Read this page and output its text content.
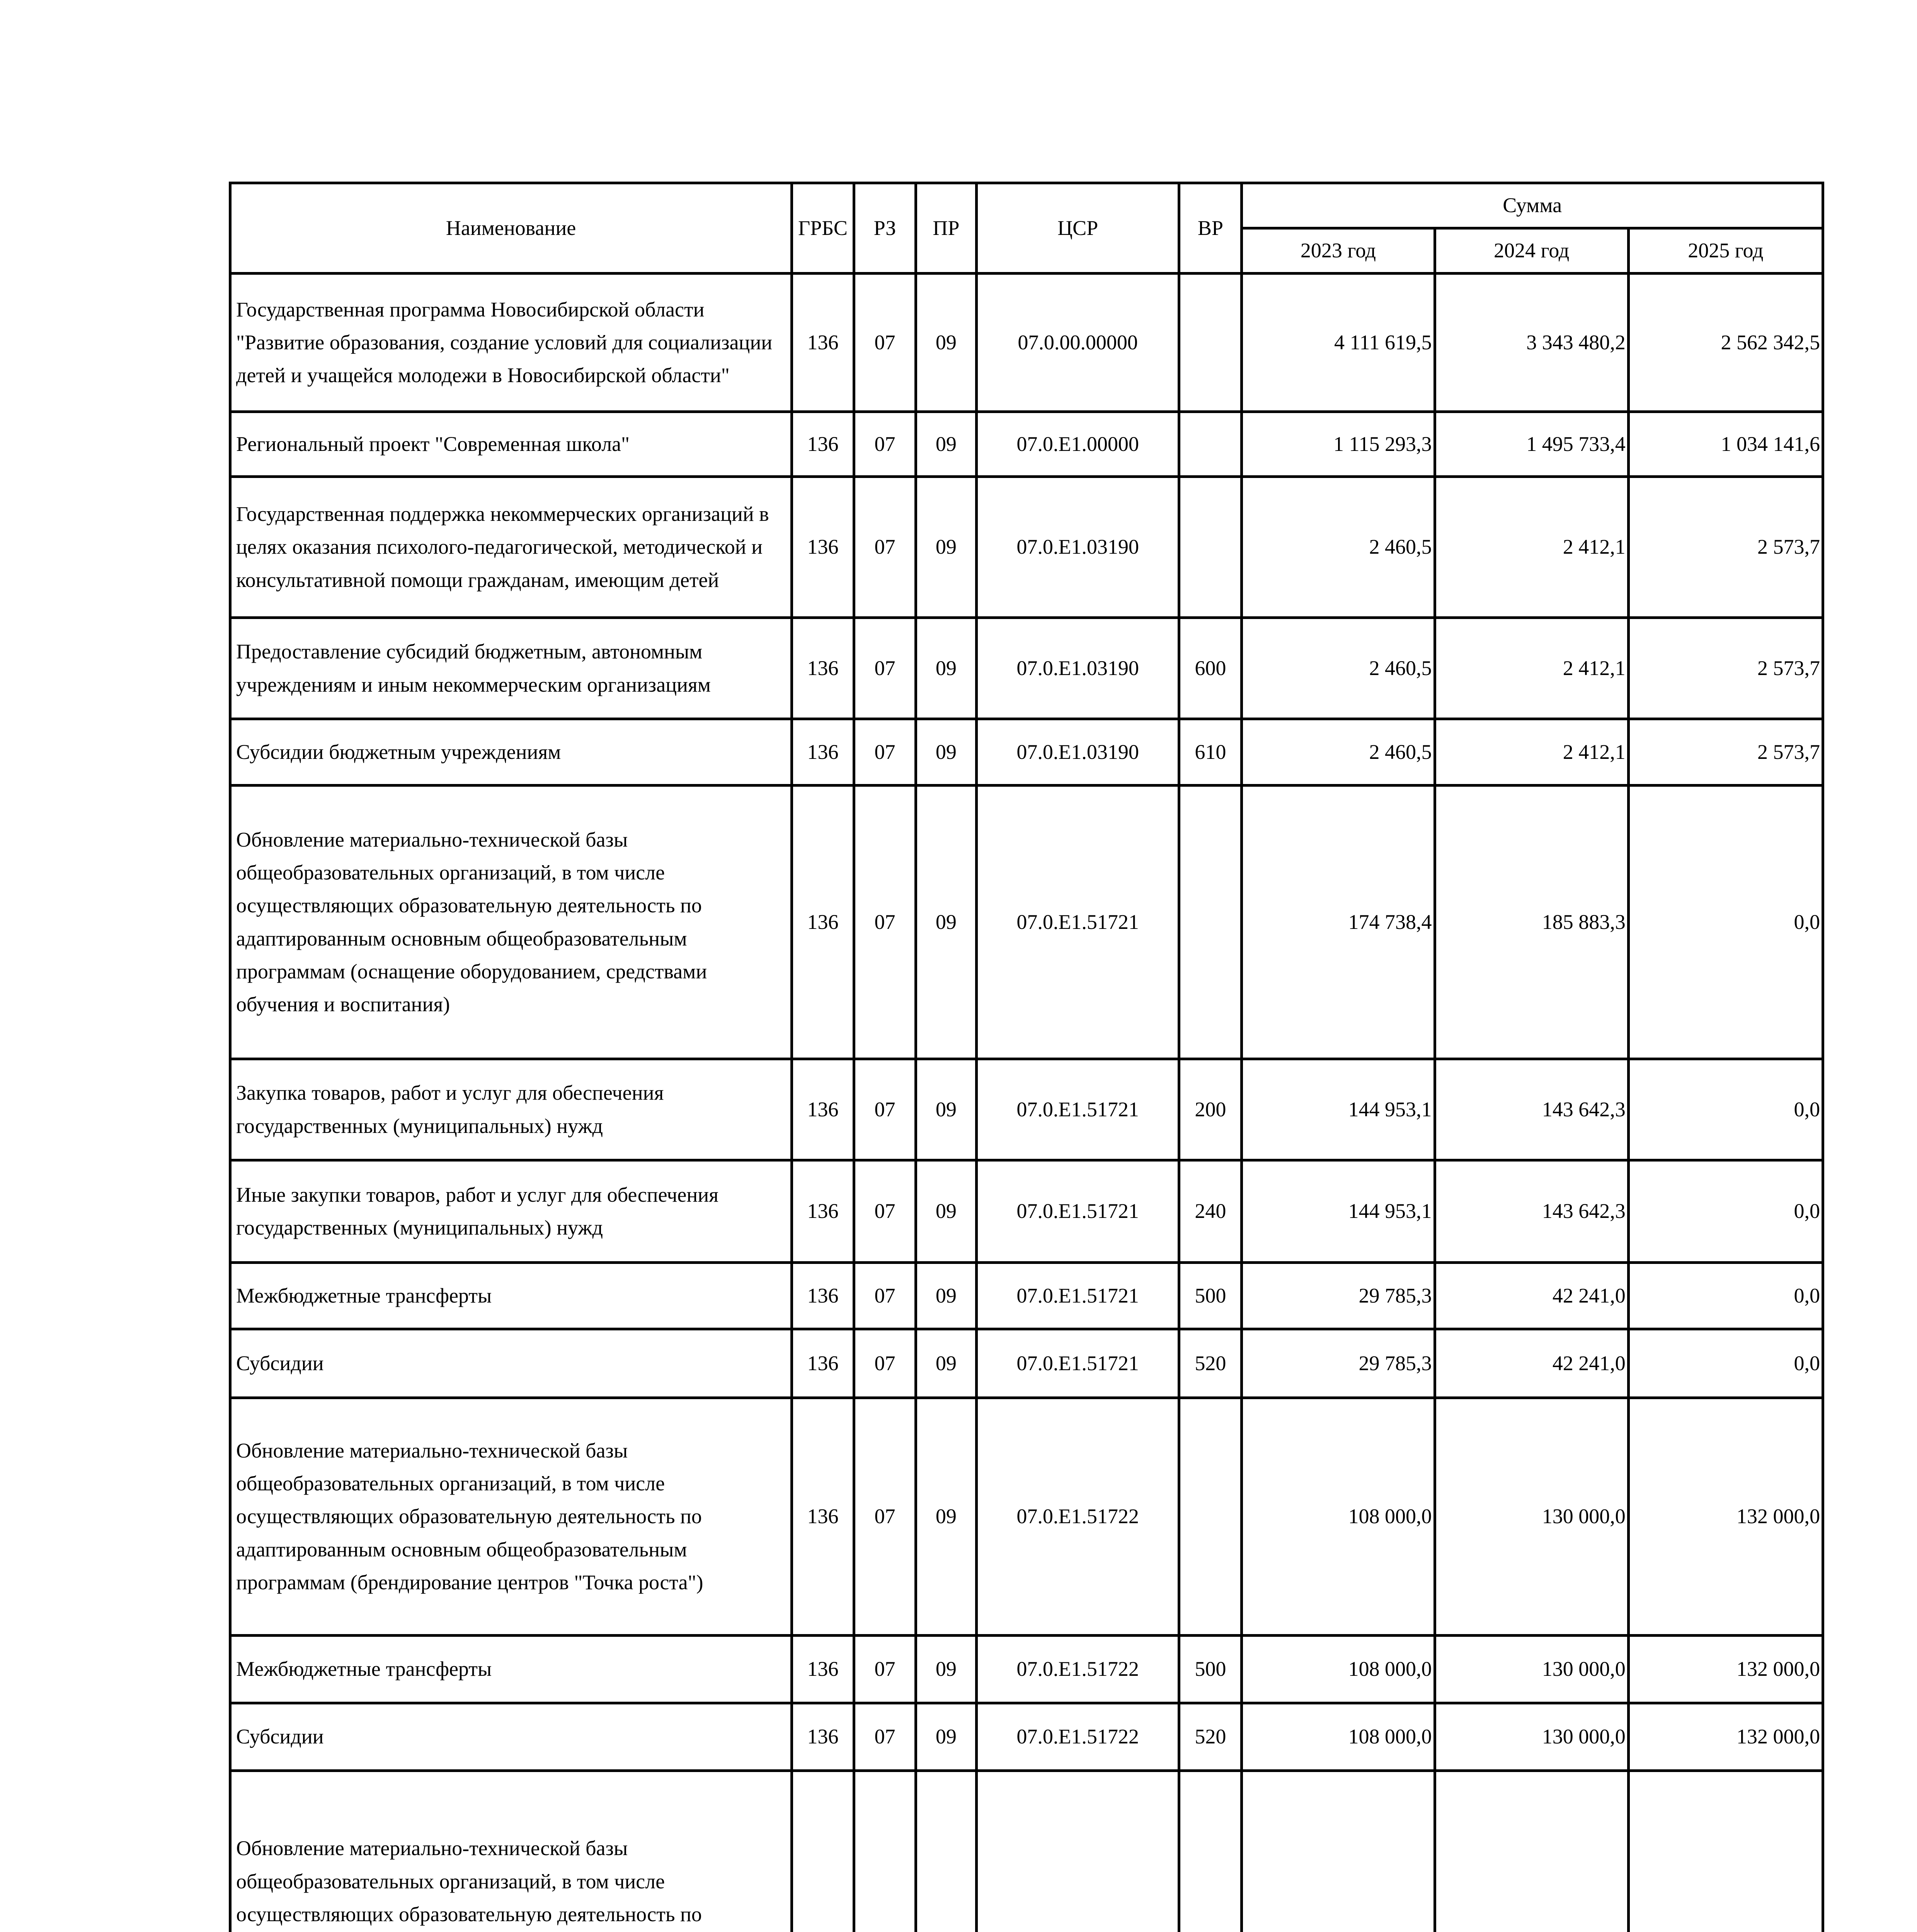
Наименование	ГРБС	РЗ	ПР	ЦСР	ВР	Сумма		
						2023 год	2024 год	2025 год
Государственная программа Новосибирской области "Развитие образования, создание условий для социализации детей и учащейся молодежи в Новосибирской области"	136	07	09	07.0.00.00000		4 111 619,5	3 343 480,2	2 562 342,5
Региональный проект "Современная школа"	136	07	09	07.0.E1.00000		1 115 293,3	1 495 733,4	1 034 141,6
Государственная поддержка некоммерческих организаций в целях оказания психолого-педагогической, методической и консультативной помощи гражданам, имеющим детей	136	07	09	07.0.E1.03190		2 460,5	2 412,1	2 573,7
Предоставление субсидий бюджетным, автономным учреждениям и иным некоммерческим организациям	136	07	09	07.0.E1.03190	600	2 460,5	2 412,1	2 573,7
Субсидии бюджетным учреждениям	136	07	09	07.0.E1.03190	610	2 460,5	2 412,1	2 573,7
Обновление материально-технической базы общеобразовательных организаций, в том числе осуществляющих образовательную деятельность по адаптированным основным общеобразовательным программам (оснащение оборудованием, средствами обучения и воспитания)	136	07	09	07.0.E1.51721		174 738,4	185 883,3	0,0
Закупка товаров, работ и услуг для обеспечения государственных (муниципальных) нужд	136	07	09	07.0.E1.51721	200	144 953,1	143 642,3	0,0
Иные закупки товаров, работ и услуг для обеспечения государственных (муниципальных) нужд	136	07	09	07.0.E1.51721	240	144 953,1	143 642,3	0,0
Межбюджетные трансферты	136	07	09	07.0.E1.51721	500	29 785,3	42 241,0	0,0
Субсидии	136	07	09	07.0.E1.51721	520	29 785,3	42 241,0	0,0
Обновление материально-технической базы общеобразовательных организаций, в том числе осуществляющих образовательную деятельность по адаптированным основным общеобразовательным программам (брендирование центров "Точка роста")	136	07	09	07.0.E1.51722		108 000,0	130 000,0	132 000,0
Межбюджетные трансферты	136	07	09	07.0.E1.51722	500	108 000,0	130 000,0	132 000,0
Субсидии	136	07	09	07.0.E1.51722	520	108 000,0	130 000,0	132 000,0
Обновление материально-технической базы общеобразовательных организаций, в том числе осуществляющих образовательную деятельность по								
